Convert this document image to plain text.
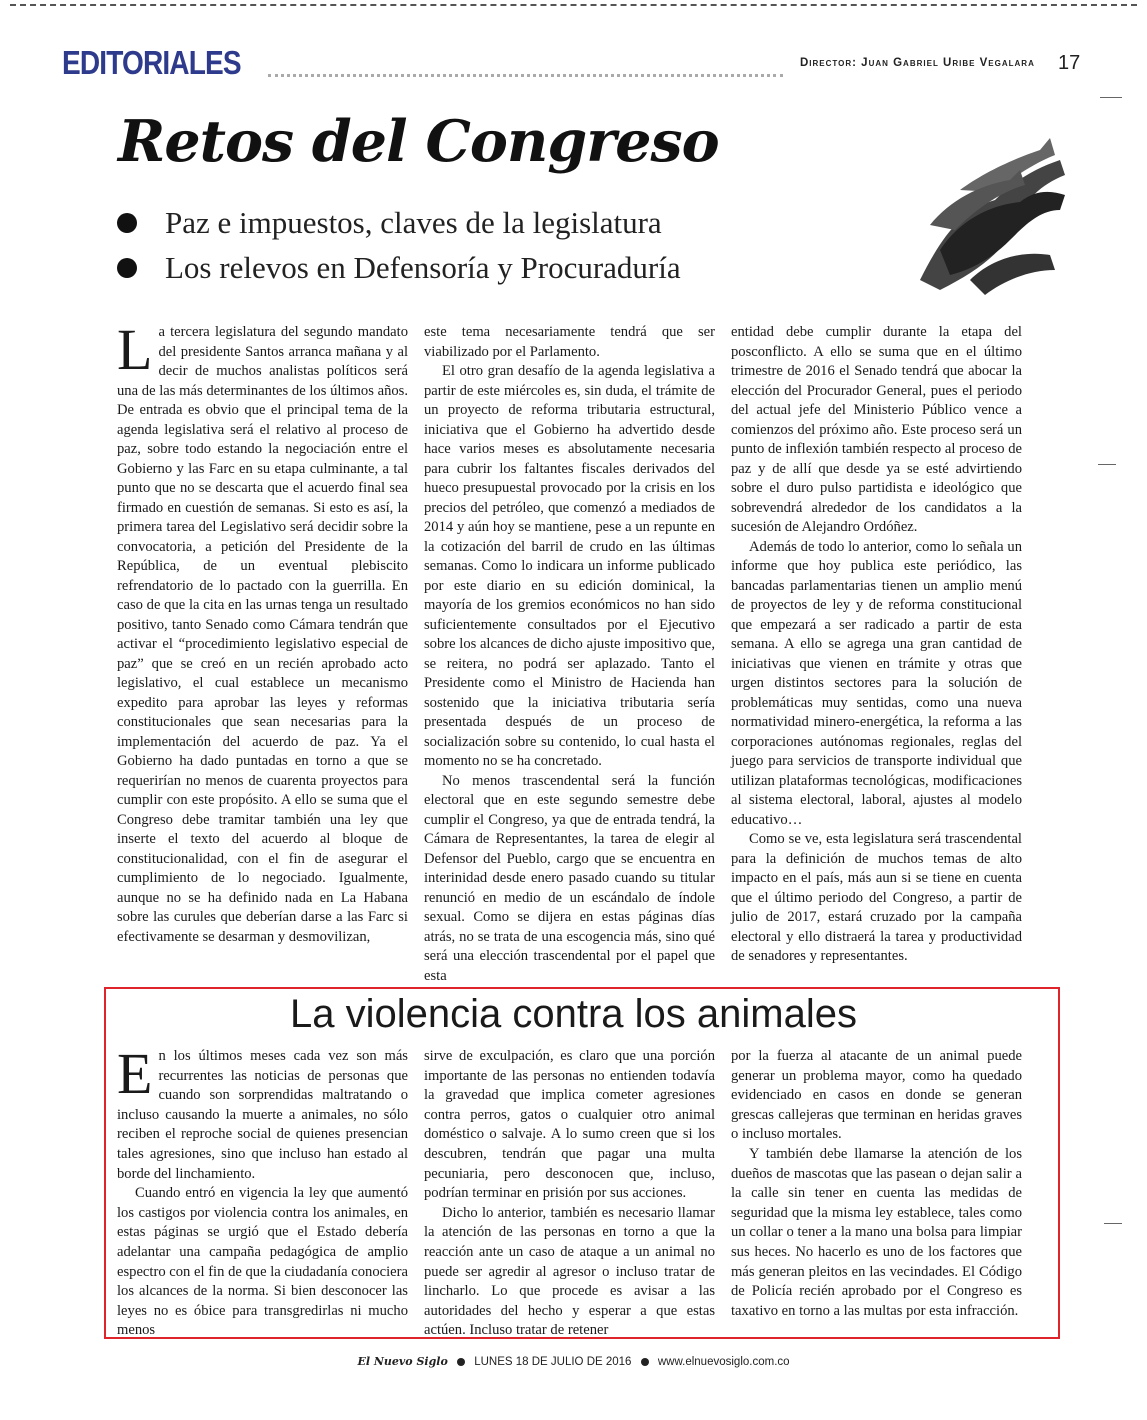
EDITORIALES	Director: Juan Gabriel Uribe Vegalara 17
Retos del Congreso
Paz e impuestos, claves de la legislatura
Los relevos en Defensoría y Procuraduría

La tercera legislatura del segundo mandato del presidente Santos arranca mañana y al decir de muchos analistas políticos será una de las más determinantes de los últimos años. De entrada es obvio que el principal tema de la agenda legislativa será el relativo al proceso de paz, sobre todo estando la negociación entre el Gobierno y las Farc en su etapa culminante, a tal punto que no se descarta que el acuerdo final sea firmado en cuestión de semanas. Si esto es así, la primera tarea del Legislativo será decidir sobre la convocatoria, a petición del Presidente de la República, de un eventual plebiscito refrendatorio de lo pactado con la guerrilla. En caso de que la cita en las urnas tenga un resultado positivo, tanto Senado como Cámara tendrán que activar el “procedimiento legislativo especial de paz” que se creó en un recién aprobado acto legislativo, el cual establece un mecanismo expedito para aprobar las leyes y reformas constitucionales que sean necesarias para la implementación del acuerdo de paz. Ya el Gobierno ha dado puntadas en torno a que se requerirían no menos de cuarenta proyectos para cumplir con este propósito. A ello se suma que el Congreso debe tramitar también una ley que inserte el texto del acuerdo al bloque de constitucionalidad, con el fin de asegurar el cumplimiento de lo negociado. Igualmente, aunque no se ha definido nada en La Habana sobre las curules que deberían darse a las Farc si efectivamente se desarman y desmovilizan,

este tema necesariamente tendrá que ser viabilizado por el Parlamento.

El otro gran desafío de la agenda legislativa a partir de este miércoles es, sin duda, el trámite de un proyecto de reforma tributaria estructural, iniciativa que el Gobierno ha advertido desde hace varios meses es absolutamente necesaria para cubrir los faltantes fiscales derivados del hueco presupuestal provocado por la crisis en los precios del petróleo, que comenzó a mediados de 2014 y aún hoy se mantiene, pese a un repunte en la cotización del barril de crudo en las últimas semanas. Como lo indicara un informe publicado por este diario en su edición dominical, la mayoría de los gremios económicos no han sido suficientemente consultados por el Ejecutivo sobre los alcances de dicho ajuste impositivo que, se reitera, no podrá ser aplazado. Tanto el Presidente como el Ministro de Hacienda han sostenido que la iniciativa tributaria sería presentada después de un proceso de socialización sobre su contenido, lo cual hasta el momento no se ha concretado.

No menos trascendental será la función electoral que en este segundo semestre debe cumplir el Congreso, ya que de entrada tendrá, la Cámara de Representantes, la tarea de elegir al Defensor del Pueblo, cargo que se encuentra en interinidad desde enero pasado cuando su titular renunció en medio de un escándalo de índole sexual. Como se dijera en estas páginas días atrás, no se trata de una escogencia más, sino qué será una elección trascendental por el papel que esta

entidad debe cumplir durante la etapa del posconflicto. A ello se suma que en el último trimestre de 2016 el Senado tendrá que abocar la elección del Procurador General, pues el periodo del actual jefe del Ministerio Público vence a comienzos del próximo año. Este proceso será un punto de inflexión también respecto al proceso de paz y de allí que desde ya se esté advirtiendo sobre el duro pulso partidista e ideológico que sobrevendrá alrededor de los candidatos a la sucesión de Alejandro Ordóñez.

Además de todo lo anterior, como lo señala un informe que hoy publica este periódico, las bancadas parlamentarias tienen un amplio menú de proyectos de ley y de reforma constitucional que empezará a ser radicado a partir de esta semana. A ello se agrega una gran cantidad de iniciativas que vienen en trámite y otras que urgen distintos sectores para la solución de problemáticas muy sentidas, como una nueva normatividad minero-energética, la reforma a las corporaciones autónomas regionales, reglas del juego para servicios de transporte individual que utilizan plataformas tecnológicas, modificaciones al sistema electoral, laboral, ajustes al modelo educativo…

Como se ve, esta legislatura será trascendental para la definición de muchos temas de alto impacto en el país, más aun si se tiene en cuenta que el último periodo del Congreso, a partir de julio de 2017, estará cruzado por la campaña electoral y ello distraerá la tarea y productividad de senadores y representantes.

La violencia contra los animales

En los últimos meses cada vez son más recurrentes las noticias de personas que cuando son sorprendidas maltratando o incluso causando la muerte a animales, no sólo reciben el reproche social de quienes presencian tales agresiones, sino que incluso han estado al borde del linchamiento.

Cuando entró en vigencia la ley que aumentó los castigos por violencia contra los animales, en estas páginas se urgió que el Estado debería adelantar una campaña pedagógica de amplio espectro con el fin de que la ciudadanía conociera los alcances de la norma. Si bien desconocer las leyes no es óbice para transgredirlas ni mucho menos

sirve de exculpación, es claro que una porción importante de las personas no entienden todavía la gravedad que implica cometer agresiones contra perros, gatos o cualquier otro animal doméstico o salvaje. A lo sumo creen que si los descubren, tendrán que pagar una multa pecuniaria, pero desconocen que, incluso, podrían terminar en prisión por sus acciones.

Dicho lo anterior, también es necesario llamar la atención de las personas en torno a que la reacción ante un caso de ataque a un animal no puede ser agredir al agresor o incluso tratar de lincharlo. Lo que procede es avisar a las autoridades del hecho y esperar a que estas actúen. Incluso tratar de retener

por la fuerza al atacante de un animal puede generar un problema mayor, como ha quedado evidenciado en casos en donde se generan grescas callejeras que terminan en heridas graves o incluso mortales.

Y también debe llamarse la atención de los dueños de mascotas que las pasean o dejan salir a la calle sin tener en cuenta las medidas de seguridad que la misma ley establece, tales como un collar o tener a la mano una bolsa para limpiar sus heces. No hacerlo es uno de los factores que más generan pleitos en las vecindades. El Código de Policía recién aprobado por el Congreso es taxativo en torno a las multas por esta infracción.

El Nuevo Siglo LUNES 18 DE JULIO DE 2016 www.elnuevosiglo.com.co
